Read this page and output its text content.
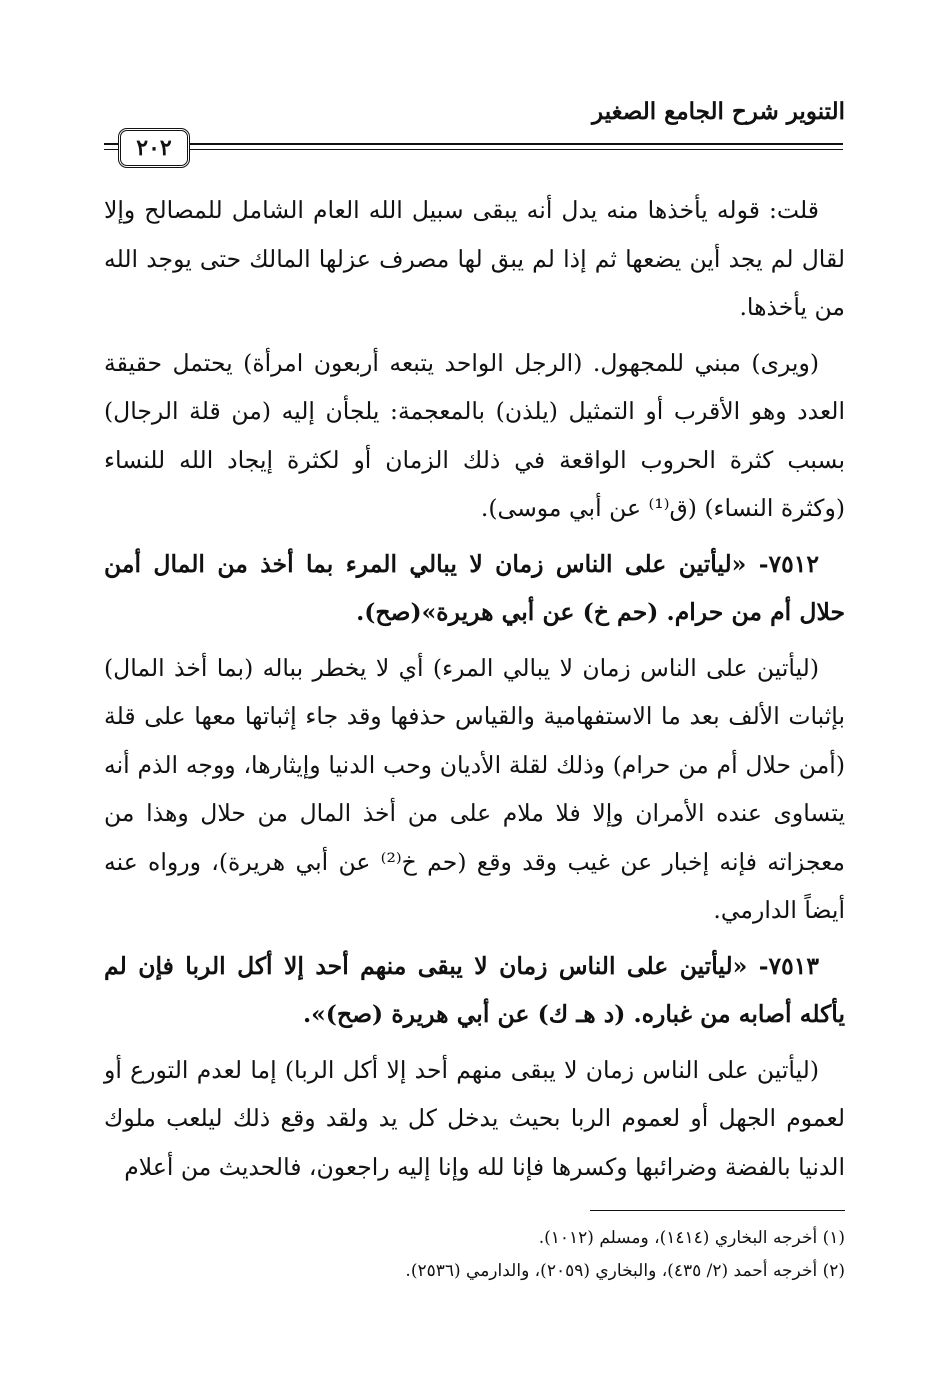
التنوير شرح الجامع الصغير
٢٠٢

قلت: قوله يأخذها منه يدل أنه يبقى سبيل الله العام الشامل للمصالح وإلا لقال لم يجد أين يضعها ثم إذا لم يبق لها مصرف عزلها المالك حتى يوجد الله من يأخذها.

(ويرى) مبني للمجهول. (الرجل الواحد يتبعه أربعون امرأة) يحتمل حقيقة العدد وهو الأقرب أو التمثيل (يلذن) بالمعجمة: يلجأن إليه (من قلة الرجال) بسبب كثرة الحروب الواقعة في ذلك الزمان أو لكثرة إيجاد الله للنساء (وكثرة النساء) (ق⁽¹⁾ عن أبي موسى).

٧٥١٢- «ليأتين على الناس زمان لا يبالي المرء بما أخذ من المال أمن حلال أم من حرام. (حم خ) عن أبي هريرة»(صح).

(ليأتين على الناس زمان لا يبالي المرء) أي لا يخطر بباله (بما أخذ المال) بإثبات الألف بعد ما الاستفهامية والقياس حذفها وقد جاء إثباتها معها على قلة (أمن حلال أم من حرام) وذلك لقلة الأديان وحب الدنيا وإيثارها، ووجه الذم أنه يتساوى عنده الأمران وإلا فلا ملام على من أخذ المال من حلال وهذا من معجزاته فإنه إخبار عن غيب وقد وقع (حم خ⁽²⁾ عن أبي هريرة)، ورواه عنه أيضاً الدارمي.

٧٥١٣- «ليأتين على الناس زمان لا يبقى منهم أحد إلا أكل الربا فإن لم يأكله أصابه من غباره. (د هـ ك) عن أبي هريرة (صح)».

(ليأتين على الناس زمان لا يبقى منهم أحد إلا أكل الربا) إما لعدم التورع أو لعموم الجهل أو لعموم الربا بحيث يدخل كل يد ولقد وقع ذلك ليلعب ملوك الدنيا بالفضة وضرائبها وكسرها فإنا لله وإنا إليه راجعون، فالحديث من أعلام

(١) أخرجه البخاري (١٤١٤)، ومسلم (١٠١٢).
(٢) أخرجه أحمد (٢/ ٤٣٥)، والبخاري (٢٠٥٩)، والدارمي (٢٥٣٦).
